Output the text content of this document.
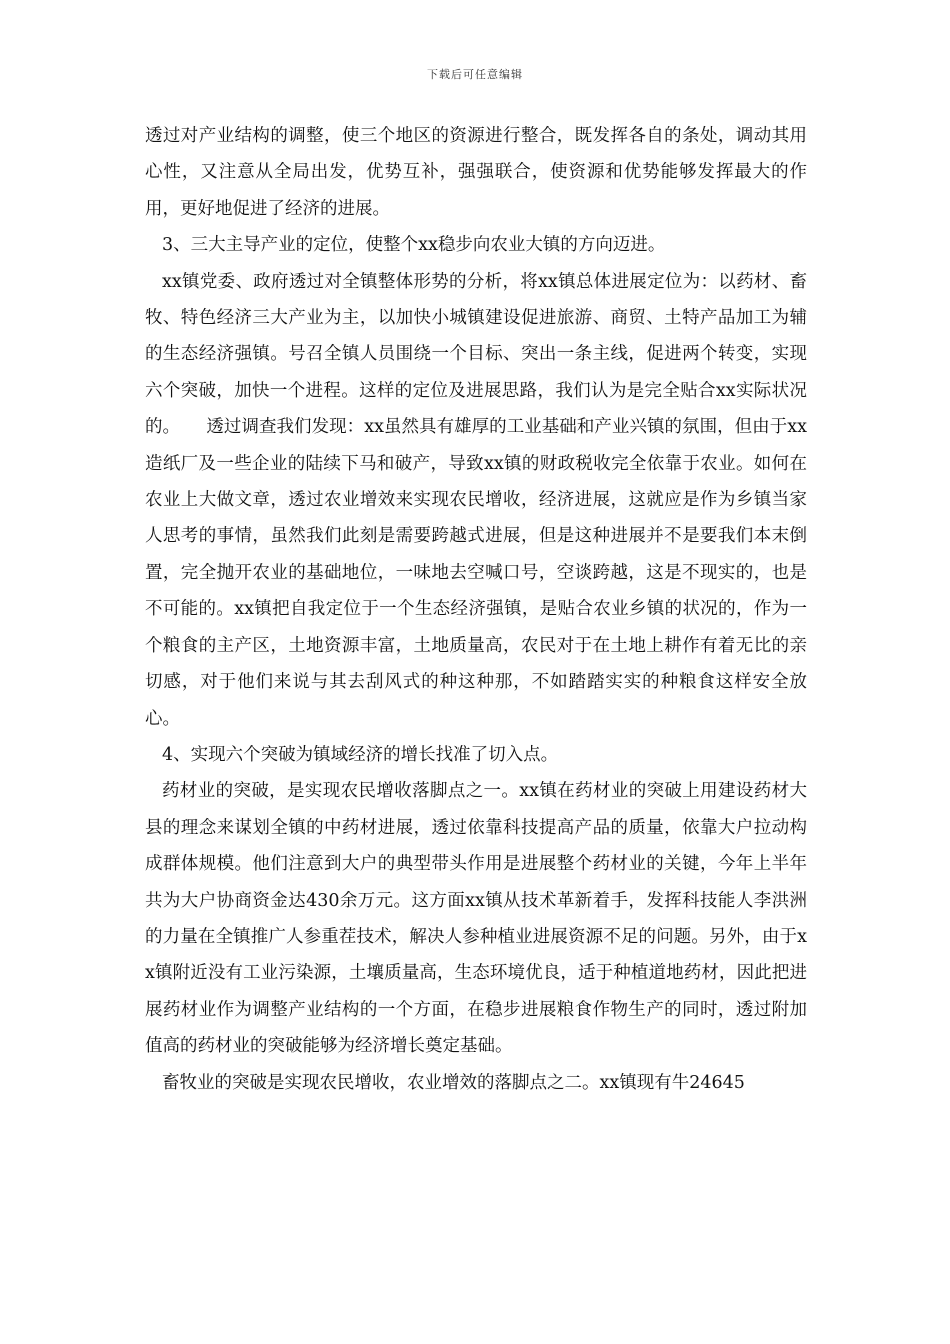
下载后可任意编辑

透过对产业结构的调整，使三个地区的资源进行整合，既发挥各自的条处，调动其用心性，又注意从全局出发，优势互补，强强联合，使资源和优势能够发挥最大的作用，更好地促进了经济的进展。

3、三大主导产业的定位，使整个xx稳步向农业大镇的方向迈进。

xx镇党委、政府透过对全镇整体形势的分析，将xx镇总体进展定位为：以药材、畜牧、特色经济三大产业为主，以加快小城镇建设促进旅游、商贸、土特产品加工为辅的生态经济强镇。号召全镇人员围绕一个目标、突出一条主线，促进两个转变，实现六个突破，加快一个进程。这样的定位及进展思路，我们认为是完全贴合xx实际状况的。　　透过调查我们发现：xx虽然具有雄厚的工业基础和产业兴镇的氛围，但由于xx造纸厂及一些企业的陆续下马和破产，导致xx镇的财政税收完全依靠于农业。如何在农业上大做文章，透过农业增效来实现农民增收，经济进展，这就应是作为乡镇当家人思考的事情，虽然我们此刻是需要跨越式进展，但是这种进展并不是要我们本末倒置，完全抛开农业的基础地位，一味地去空喊口号，空谈跨越，这是不现实的，也是不可能的。xx镇把自我定位于一个生态经济强镇，是贴合农业乡镇的状况的，作为一个粮食的主产区，土地资源丰富，土地质量高，农民对于在土地上耕作有着无比的亲切感，对于他们来说与其去刮风式的种这种那，不如踏踏实实的种粮食这样安全放心。

4、实现六个突破为镇域经济的增长找准了切入点。

药材业的突破，是实现农民增收落脚点之一。xx镇在药材业的突破上用建设药材大县的理念来谋划全镇的中药材进展，透过依靠科技提高产品的质量，依靠大户拉动构成群体规模。他们注意到大户的典型带头作用是进展整个药材业的关键，今年上半年共为大户协商资金达430余万元。这方面xx镇从技术革新着手，发挥科技能人李洪洲的力量在全镇推广人参重茬技术，解决人参种植业进展资源不足的问题。另外，由于xx镇附近没有工业污染源，土壤质量高，生态环境优良，适于种植道地药材，因此把进展药材业作为调整产业结构的一个方面，在稳步进展粮食作物生产的同时，透过附加值高的药材业的突破能够为经济增长奠定基础。

畜牧业的突破是实现农民增收，农业增效的落脚点之二。xx镇现有牛24645
